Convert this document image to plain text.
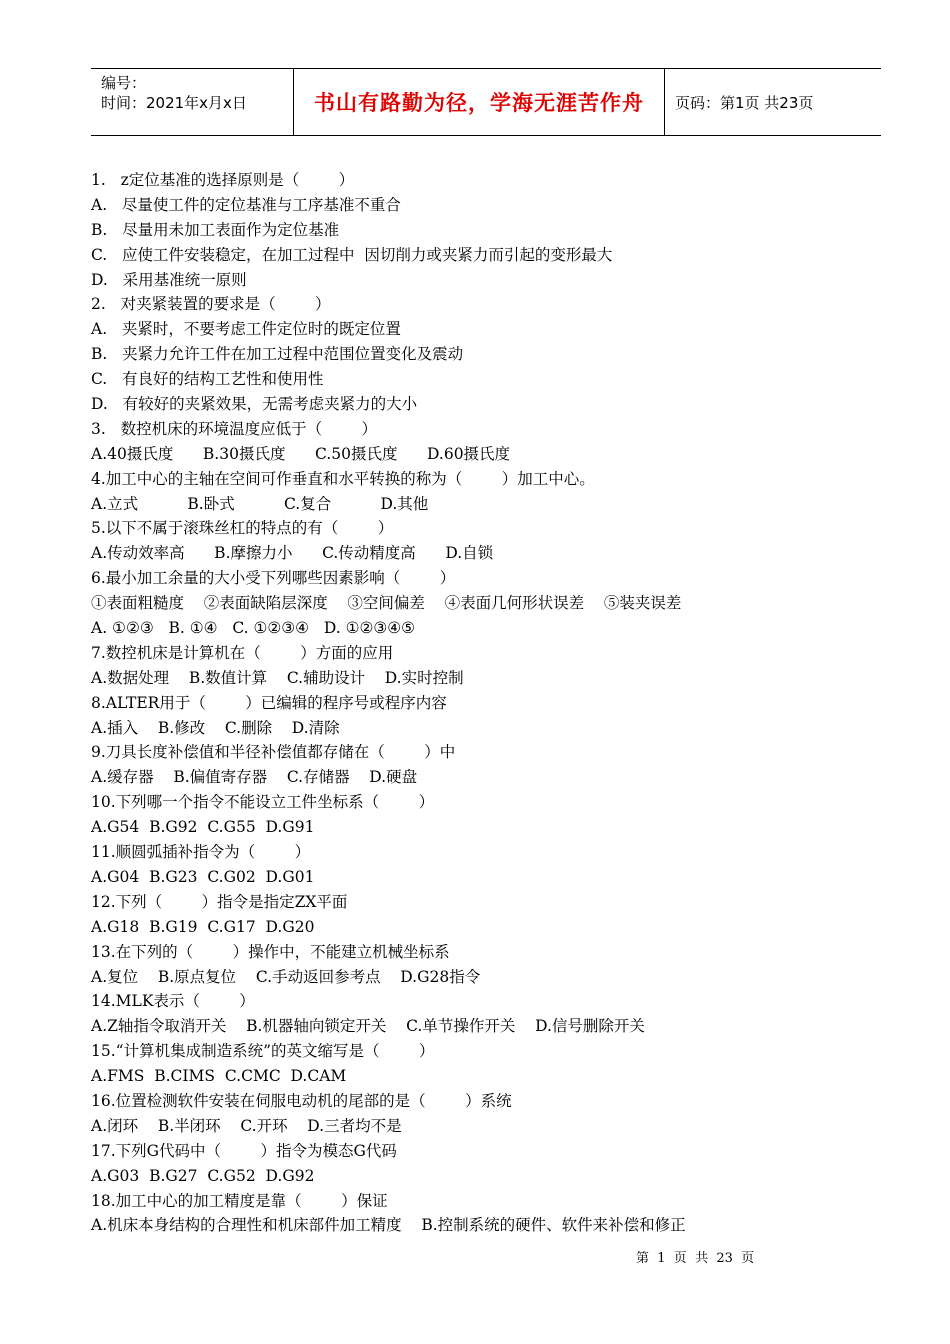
编号：
时间：2021年x月x日	书山有路勤为径，学海无涯苦作舟	页码：第1页 共23页
1.   z定位基准的选择原则是（        ）
A.   尽量使工件的定位基准与工序基准不重合
B.   尽量用未加工表面作为定位基准
C.   应使工件安装稳定，在加工过程中  因切削力或夹紧力而引起的变形最大
D.   采用基准统一原则
2.   对夹紧装置的要求是（        ）
A.   夹紧时，不要考虑工件定位时的既定位置
B.   夹紧力允许工件在加工过程中范围位置变化及震动
C.   有良好的结构工艺性和使用性
D.   有较好的夹紧效果，无需考虑夹紧力的大小
3.   数控机床的环境温度应低于（        ）
A.40摄氏度      B.30摄氏度      C.50摄氏度      D.60摄氏度
4.加工中心的主轴在空间可作垂直和水平转换的称为（        ）加工中心。
A.立式          B.卧式          C.复合          D.其他
5.以下不属于滚珠丝杠的特点的有（        ）
A.传动效率高      B.摩擦力小      C.传动精度高      D.自锁
6.最小加工余量的大小受下列哪些因素影响（        ）
①表面粗糙度    ②表面缺陷层深度    ③空间偏差    ④表面几何形状误差    ⑤装夹误差
A. ①②③   B. ①④   C. ①②③④   D. ①②③④⑤
7.数控机床是计算机在（        ）方面的应用
A.数据处理    B.数值计算    C.辅助设计    D.实时控制
8.ALTER用于（        ）已编辑的程序号或程序内容
A.插入    B.修改    C.删除    D.清除
9.刀具长度补偿值和半径补偿值都存储在（        ）中
A.缓存器    B.偏值寄存器    C.存储器    D.硬盘
10.下列哪一个指令不能设立工件坐标系（        ）
A.G54  B.G92  C.G55  D.G91
11.顺圆弧插补指令为（        ）
A.G04  B.G23  C.G02  D.G01
12.下列（        ）指令是指定ZX平面
A.G18  B.G19  C.G17  D.G20
13.在下列的（        ）操作中，不能建立机械坐标系
A.复位    B.原点复位    C.手动返回参考点    D.G28指令
14.MLK表示（        ）
A.Z轴指令取消开关    B.机器轴向锁定开关    C.单节操作开关    D.信号删除开关
15.“计算机集成制造系统”的英文缩写是（        ）
A.FMS  B.CIMS  C.CMC  D.CAM
16.位置检测软件安装在伺服电动机的尾部的是（        ）系统
A.闭环    B.半闭环    C.开环    D.三者均不是
17.下列G代码中（        ）指令为模态G代码
A.G03  B.G27  C.G52  D.G92
18.加工中心的加工精度是靠（        ）保证
A.机床本身结构的合理性和机床部件加工精度    B.控制系统的硬件、软件来补偿和修正
第  1  页  共  23  页
